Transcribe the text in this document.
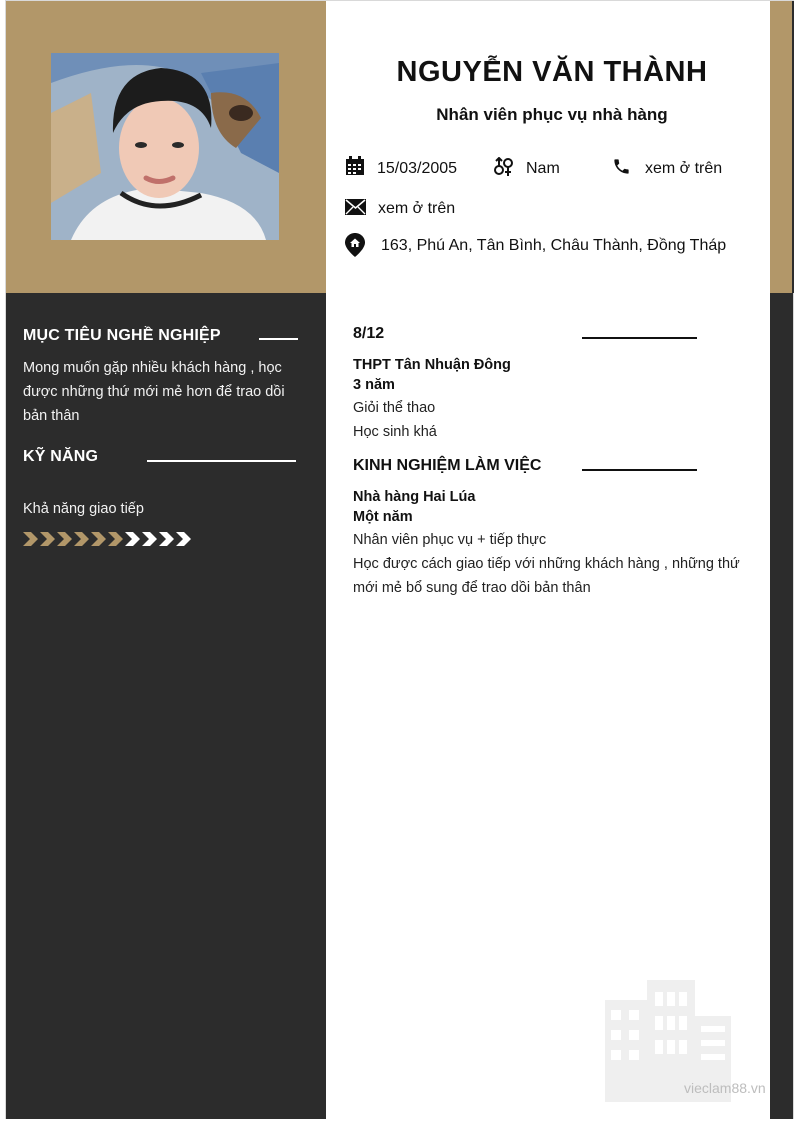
NGUYỄN VĂN THÀNH
Nhân viên phục vụ nhà hàng
15/03/2005	Nam	xem ở trên
xem ở trên
163, Phú An, Tân Bình, Châu Thành, Đồng Tháp
MỤC TIÊU NGHỀ NGHIỆP
Mong muốn gặp nhiều khách hàng , học được những thứ mới mẻ hơn để trao dồi bản thân
KỸ NĂNG
Khả năng giao tiếp
8/12
THPT Tân Nhuận Đông
3 năm
Giỏi thể thao
Học sinh khá
KINH NGHIỆM LÀM VIỆC
Nhà hàng Hai Lúa
Một năm
Nhân viên phục vụ + tiếp thực
Học được cách giao tiếp với những khách hàng , những thứ mới mẻ bổ sung để trao dồi bản thân
vieclam88.vn
